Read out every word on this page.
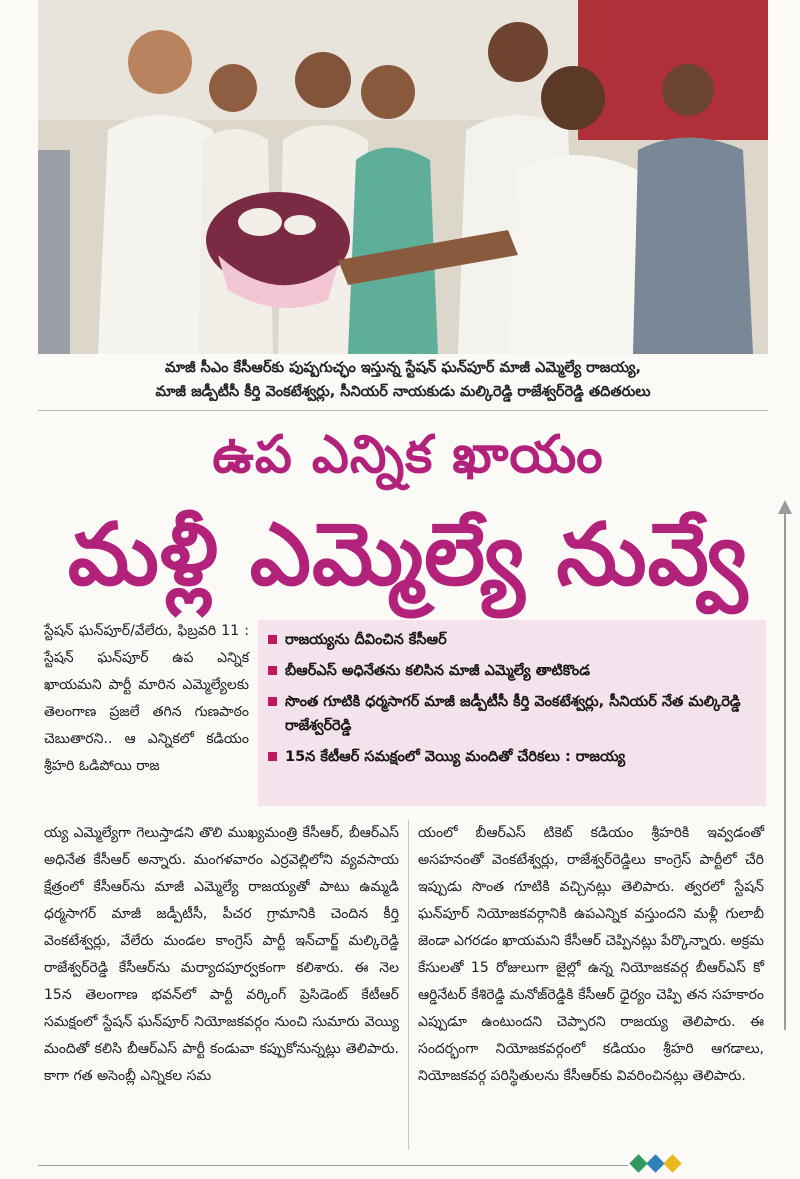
మాజీ సీఎం కేసీఆర్‌కు పుష్పగుచ్ఛం ఇస్తున్న స్టేషన్ ఘన్‌పూర్ మాజీ ఎమ్మెల్యే రాజయ్య,
మాజీ జడ్పీటీసీ కీర్తి వెంకటేశ్వర్లు, సీనియర్ నాయకుడు మల్కిరెడ్డి రాజేశ్వర్‌రెడ్డి తదితరులు
ఉప ఎన్నిక ఖాయం
మళ్లీ ఎమ్మెల్యే నువ్వే
స్టేషన్ ఘన్‌పూర్/వేలేరు, ఫిబ్రవరి 11 : స్టేషన్ ఘన్‌పూర్ ఉప ఎన్నిక ఖాయమని పార్టీ మారిన ఎమ్మెల్యేలకు తెలంగాణ ప్రజలే తగిన గుణపాఠం చెబుతారని.. ఆ ఎన్నికలో కడియం శ్రీహరి ఓడిపోయి రాజ
రాజయ్యను దీవించిన కేసీఆర్
బీఆర్‌ఎస్ అధినేతను కలిసిన మాజీ ఎమ్మెల్యే తాటికొండ
సొంత గూటికి ధర్మసాగర్ మాజీ జడ్పీటీసీ కీర్తి వెంకటేశ్వర్లు, సీనియర్ నేత మల్కిరెడ్డి రాజేశ్వర్‌రెడ్డి
15న కేటీఆర్ సమక్షంలో వెయ్యి మందితో చేరికలు : రాజయ్య
య్య ఎమ్మెల్యేగా గెలుస్తాడని తొలి ముఖ్యమంత్రి కేసీఆర్, బీఆర్‌ఎస్ అధినేత కేసీఆర్ అన్నారు. మంగళవారం ఎర్రవెల్లిలోని వ్యవసాయ క్షేత్రంలో కేసీఆర్‌ను మాజీ ఎమ్మెల్యే రాజయ్యతో పాటు ఉమ్మడి ధర్మసాగర్ మాజీ జడ్పీటీసీ, పీచర గ్రామానికి చెందిన కీర్తి వెంకటేశ్వర్లు, వేలేరు మండల కాంగ్రెస్ పార్టీ ఇన్‌చార్జ్ మల్కిరెడ్డి రాజేశ్వర్‌రెడ్డి కేసీఆర్‌ను మర్యాదపూర్వకంగా కలిశారు. ఈ నెల 15న తెలంగాణ భవన్‌లో పార్టీ వర్కింగ్ ప్రెసిడెంట్ కేటీఆర్ సమక్షంలో స్టేషన్ ఘన్‌పూర్ నియోజకవర్గం నుంచి సుమారు వెయ్యి మందితో కలిసి బీఆర్‌ఎస్ పార్టీ కండువా కప్పుకోనున్నట్లు తెలిపారు. కాగా గత అసెంబ్లీ ఎన్నికల సమ
యంలో బీఆర్‌ఎస్ టికెట్ కడియం శ్రీహరికి ఇవ్వడంతో అసహనంతో వెంకటేశ్వర్లు, రాజేశ్వర్‌రెడ్డిలు కాంగ్రెస్ పార్టీలో చేరి ఇప్పుడు సొంత గూటికి వచ్చినట్లు తెలిపారు. త్వరలో స్టేషన్ ఘన్‌పూర్ నియోజకవర్గానికి ఉపఎన్నిక వస్తుందని మళ్లీ గులాబీ జెండా ఎగరడం ఖాయమని కేసీఆర్ చెప్పినట్లు పేర్కొన్నారు. అక్రమ కేసులతో 15 రోజులుగా జైల్లో ఉన్న నియోజకవర్గ బీఆర్‌ఎస్ కో ఆర్డినేటర్ కేశిరెడ్డి మనోజ్‌రెడ్డికి కేసీఆర్ ధైర్యం చెప్పి తన సహకారం ఎప్పుడూ ఉంటుందని చెప్పారని రాజయ్య తెలిపారు. ఈ సందర్భంగా నియోజకవర్గంలో కడియం శ్రీహరి ఆగడాలు, నియోజకవర్గ పరిస్థితులను కేసీఆర్‌కు వివరించినట్లు తెలిపారు.
